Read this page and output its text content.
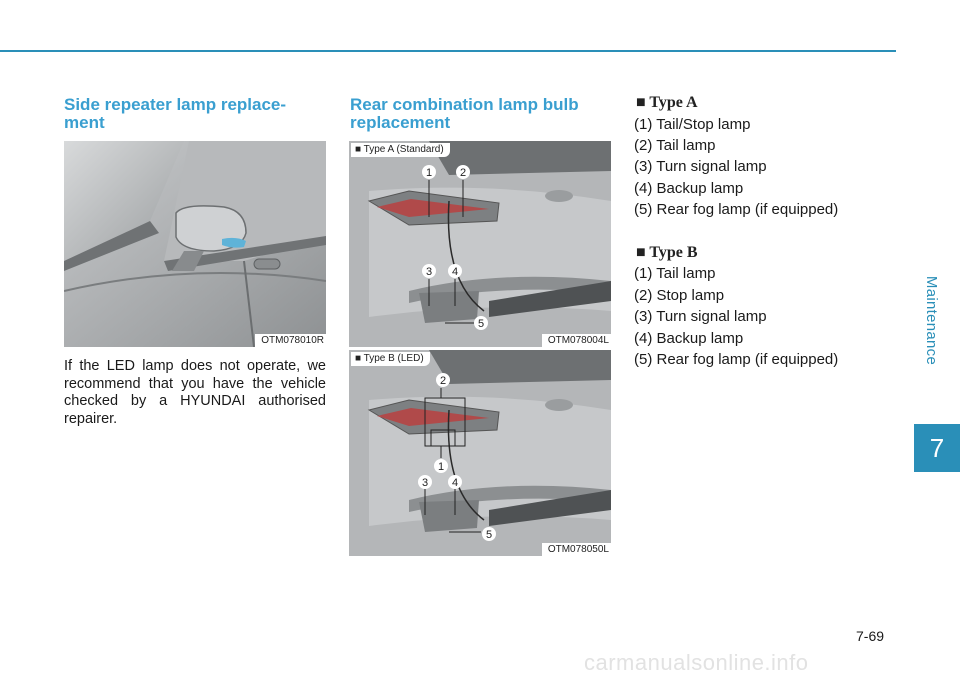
Maintenance
7
Side repeater lamp replace-
ment
OTM078010R
If the LED lamp does not operate, we recommend that you have the vehicle checked by a HYUNDAI authorised repairer.
Rear combination lamp bulb
replacement
1	2
3 4
5
■ Type A (Standard)
OTM078004L
2
1
3 4
5
■ Type B (LED)
OTM078050L
■ Type A
(1) Tail/Stop lamp
(2) Tail lamp
(3) Turn signal lamp
(4) Backup lamp
(5) Rear fog lamp (if equipped)
■ Type B
(1) Tail lamp
(2) Stop lamp
(3) Turn signal lamp
(4) Backup lamp
(5) Rear fog lamp (if equipped)
7-69
carmanualsonline.info
